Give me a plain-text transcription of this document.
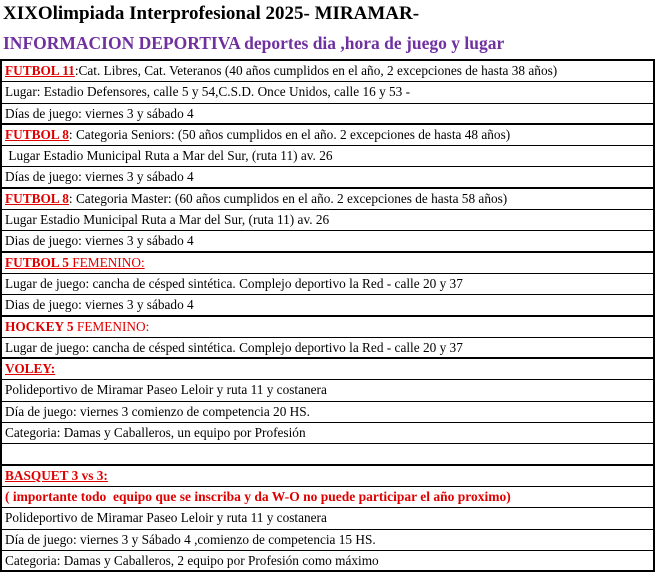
XIXOlimpiada Interprofesional 2025- MIRAMAR-
INFORMACION DEPORTIVA deportes dia ,hora de juego y lugar
FUTBOL 11:Cat. Libres, Cat. Veteranos (40 años cumplidos en el año, 2 excepciones de hasta 38 años)
Lugar: Estadio Defensores, calle 5 y 54,C.S.D. Once Unidos, calle 16 y 53 -
Días de juego: viernes 3 y sábado 4
FUTBOL 8: Categoria Seniors: (50 años cumplidos en el año. 2 excepciones de hasta 48 años)
Lugar Estadio Municipal Ruta a Mar del Sur, (ruta 11) av. 26
Días de juego: viernes 3 y sábado 4
FUTBOL 8: Categoria Master: (60 años cumplidos en el año. 2 excepciones de hasta 58 años)
Lugar Estadio Municipal Ruta a Mar del Sur, (ruta 11) av. 26
Dias de juego: viernes 3 y sábado 4
FUTBOL 5 FEMENINO:
Lugar de juego: cancha de césped sintética. Complejo deportivo la Red - calle 20 y 37
Dias de juego: viernes 3 y sábado 4
HOCKEY 5 FEMENINO:
Lugar de juego: cancha de césped sintética. Complejo deportivo la Red - calle 20 y 37
VOLEY:
Polideportivo de Miramar Paseo Leloir y ruta 11 y costanera
Día de juego: viernes 3 comienzo de competencia 20 HS.
Categoria: Damas y Caballeros, un equipo por Profesión
BASQUET 3 vs 3:
( importante todo  equipo que se inscriba y da W-O no puede participar el año proximo)
Polideportivo de Miramar Paseo Leloir y ruta 11 y costanera
Día de juego: viernes 3 y Sábado 4 ,comienzo de competencia 15 HS.
Categoria: Damas y Caballeros, 2 equipo por Profesión como máximo
